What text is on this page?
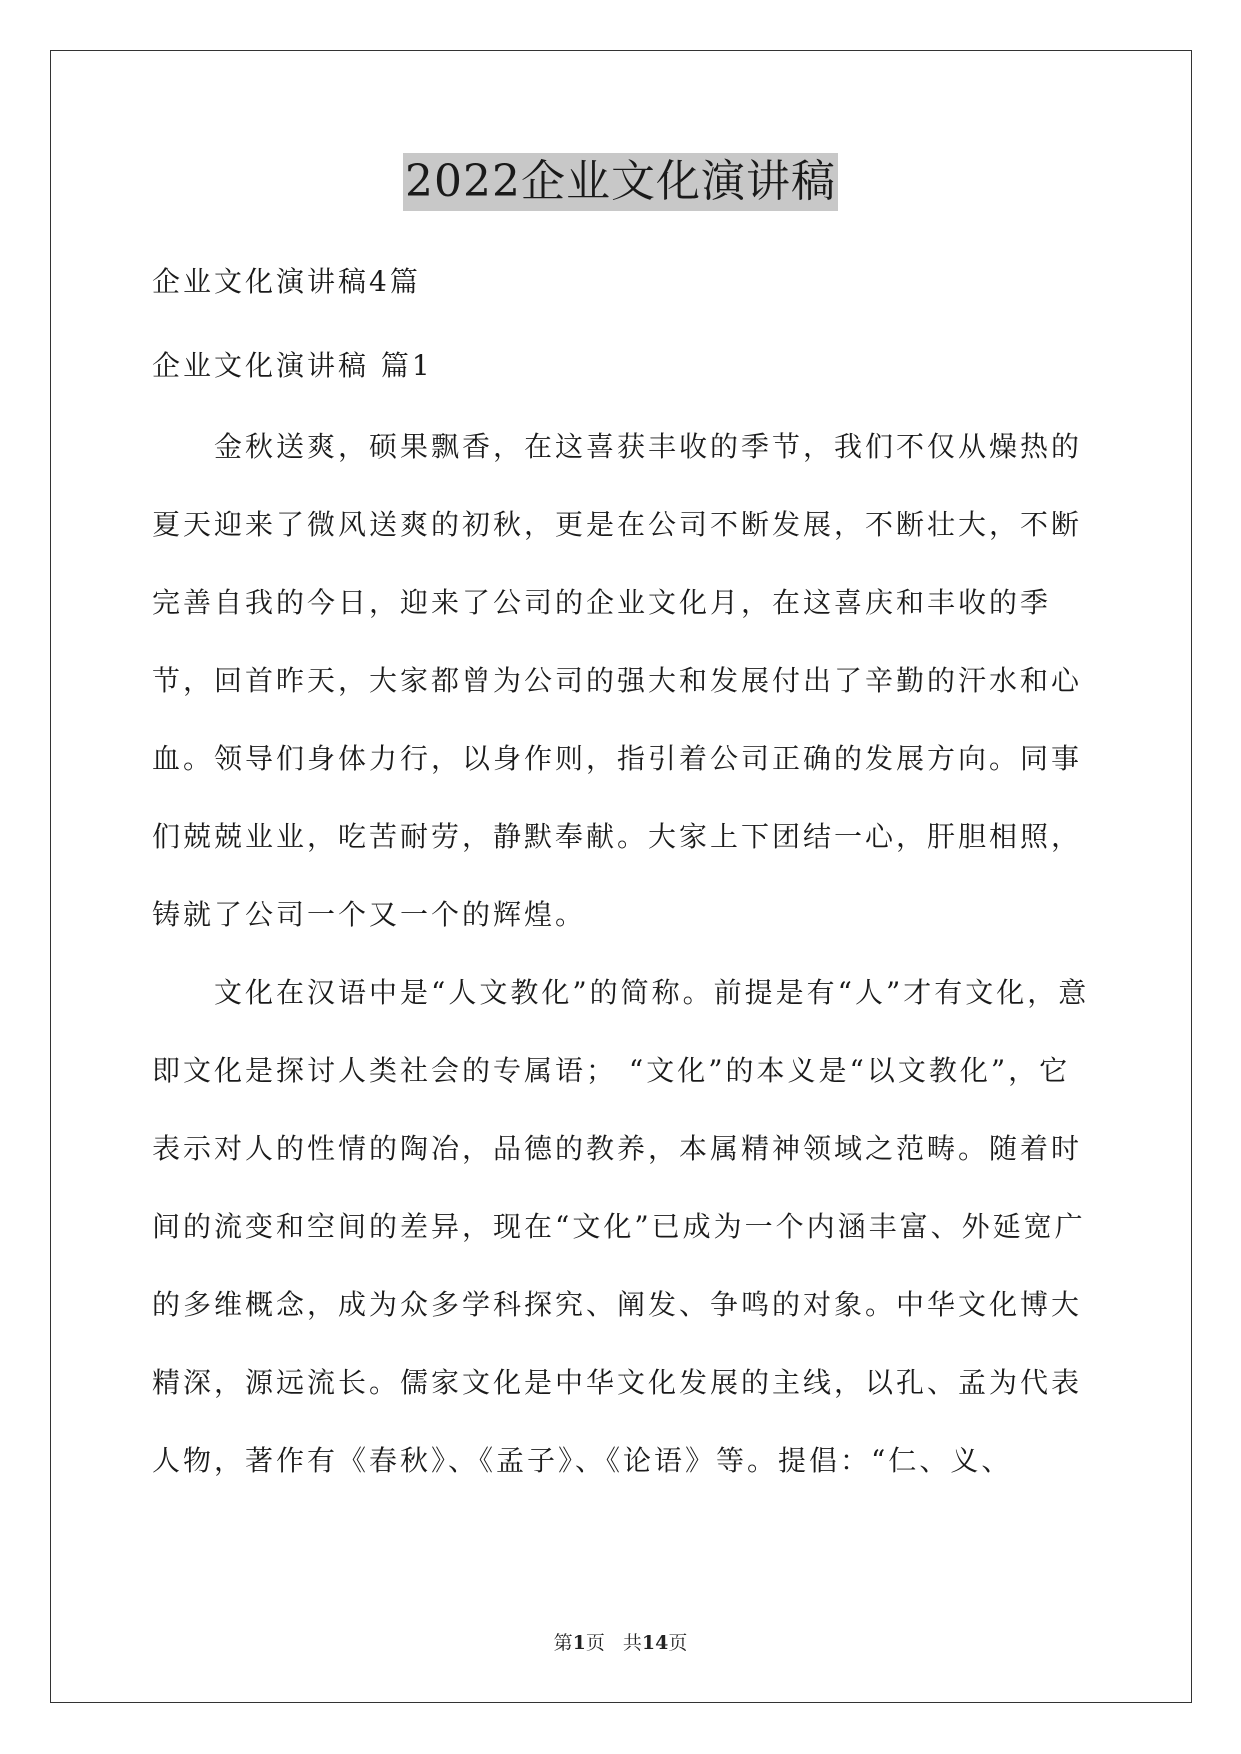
2022企业文化演讲稿

企业文化演讲稿4篇

企业文化演讲稿 篇1

金秋送爽，硕果飘香，在这喜获丰收的季节，我们不仅从燥热的夏天迎来了微风送爽的初秋，更是在公司不断发展，不断壮大，不断完善自我的今日，迎来了公司的企业文化月，在这喜庆和丰收的季节，回首昨天，大家都曾为公司的强大和发展付出了辛勤的汗水和心血。领导们身体力行，以身作则，指引着公司正确的发展方向。同事们兢兢业业，吃苦耐劳，静默奉献。大家上下团结一心，肝胆相照，铸就了公司一个又一个的辉煌。

文化在汉语中是“人文教化”的简称。前提是有“人”才有文化，意即文化是探讨人类社会的专属语； “文化”的本义是“以文教化”，它表示对人的性情的陶冶，品德的教养，本属精神领域之范畴。随着时间的流变和空间的差异，现在“文化”已成为一个内涵丰富、外延宽广的多维概念，成为众多学科探究、阐发、争鸣的对象。中华文化博大精深，源远流长。儒家文化是中华文化发展的主线，以孔、孟为代表人物，著作有《春秋》、《孟子》、《论语》等。提倡：“仁、义、

第1页 共14页
